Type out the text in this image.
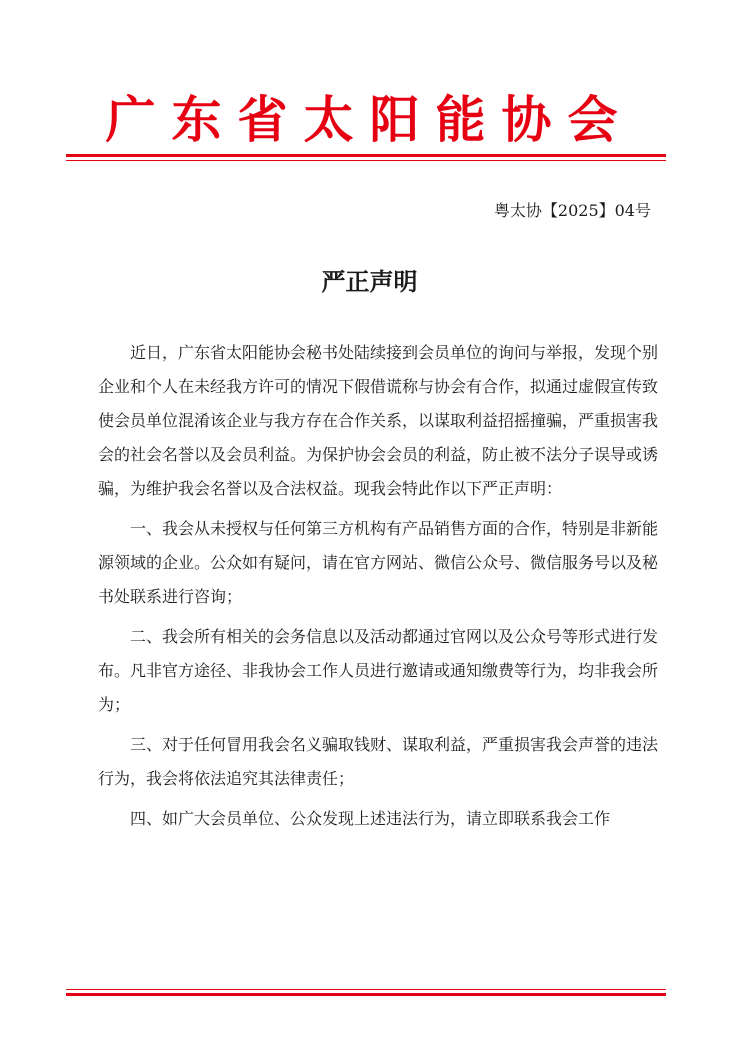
广东省太阳能协会

粤太协【2025】04号

严正声明

近日，广东省太阳能协会秘书处陆续接到会员单位的询问与举报，发现个别企业和个人在未经我方许可的情况下假借谎称与协会有合作，拟通过虚假宣传致使会员单位混淆该企业与我方存在合作关系，以谋取利益招摇撞骗，严重损害我会的社会名誉以及会员利益。为保护协会会员的利益，防止被不法分子误导或诱骗，为维护我会名誉以及合法权益。现我会特此作以下严正声明：

一、我会从未授权与任何第三方机构有产品销售方面的合作，特别是非新能源领域的企业。公众如有疑问，请在官方网站、微信公众号、微信服务号以及秘书处联系进行咨询；

二、我会所有相关的会务信息以及活动都通过官网以及公众号等形式进行发布。凡非官方途径、非我协会工作人员进行邀请或通知缴费等行为，均非我会所为；

三、对于任何冒用我会名义骗取钱财、谋取利益，严重损害我会声誉的违法行为，我会将依法追究其法律责任；

四、如广大会员单位、公众发现上述违法行为，请立即联系我会工作
